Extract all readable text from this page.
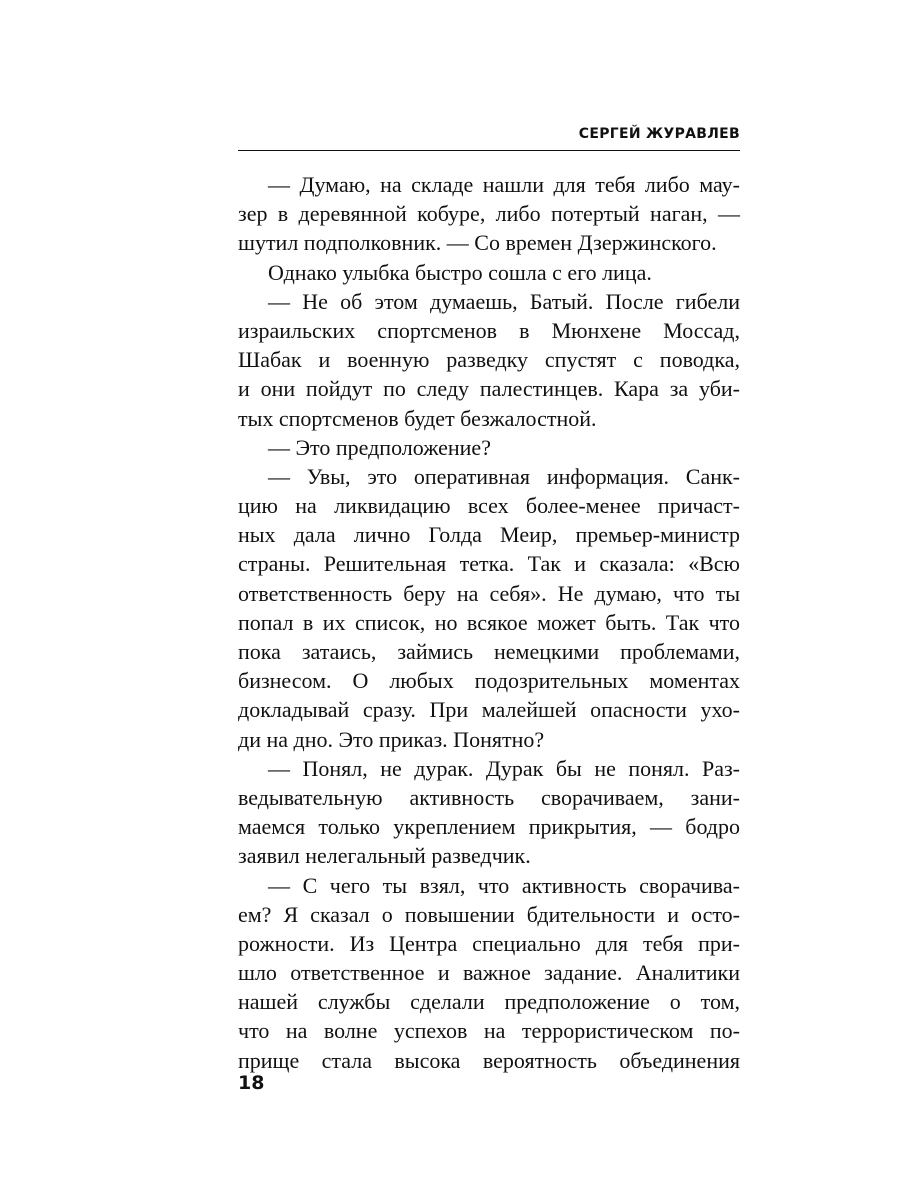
СЕРГЕЙ ЖУРАВЛЕВ
— Думаю, на складе нашли для тебя либо мау-
зер в деревянной кобуре, либо потертый наган, —
шутил подполковник. — Со времен Дзержинского.
Однако улыбка быстро сошла с его лица.
— Не об этом думаешь, Батый. После гибели
израильских спортсменов в Мюнхене Моссад,
Шабак и военную разведку спустят с поводка,
и они пойдут по следу палестинцев. Кара за уби-
тых спортсменов будет безжалостной.
— Это предположение?
— Увы, это оперативная информация. Санк-
цию на ликвидацию всех более-менее причаст-
ных дала лично Голда Меир, премьер-министр
страны. Решительная тетка. Так и сказала: «Всю
ответственность беру на себя». Не думаю, что ты
попал в их список, но всякое может быть. Так что
пока затаись, займись немецкими проблемами,
бизнесом. О любых подозрительных моментах
докладывай сразу. При малейшей опасности ухо-
ди на дно. Это приказ. Понятно?
— Понял, не дурак. Дурак бы не понял. Раз-
ведывательную активность сворачиваем, зани-
маемся только укреплением прикрытия, — бодро
заявил нелегальный разведчик.
— С чего ты взял, что активность сворачива-
ем? Я сказал о повышении бдительности и осто-
рожности. Из Центра специально для тебя при-
шло ответственное и важное задание. Аналитики
нашей службы сделали предположение о том,
что на волне успехов на террористическом по-
прище стала высока вероятность объединения
18
